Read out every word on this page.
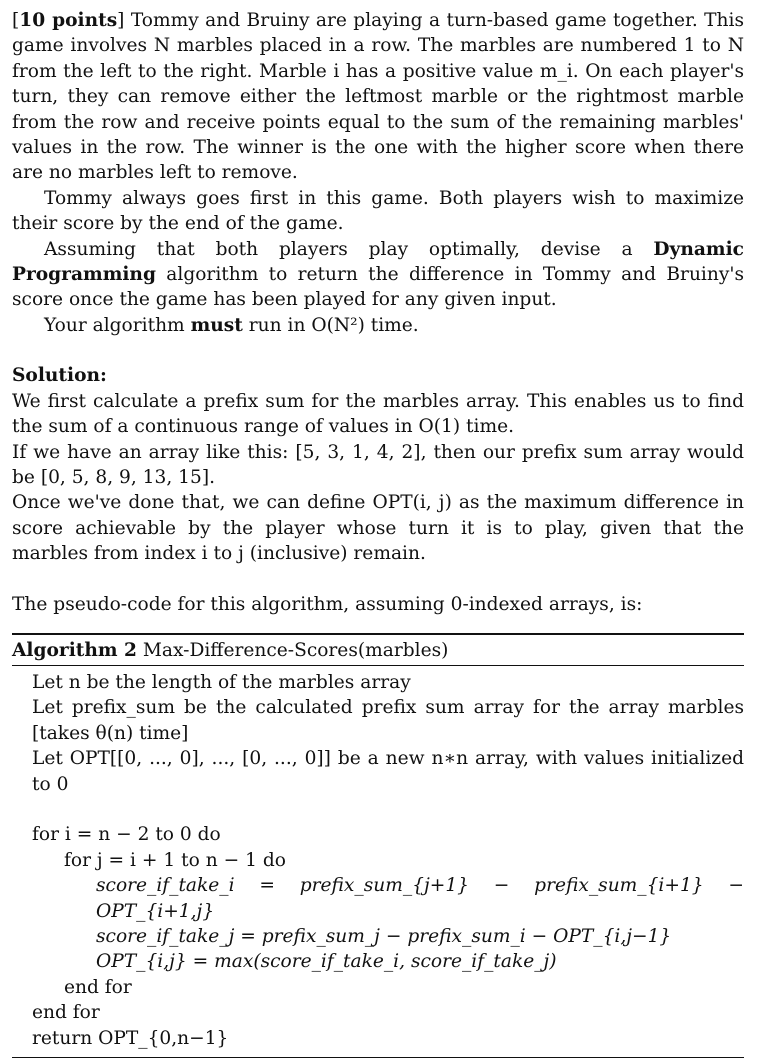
[10 points] Tommy and Bruiny are playing a turn-based game together. This game involves N marbles placed in a row. The marbles are numbered 1 to N from the left to the right. Marble i has a positive value m_i. On each player's turn, they can remove either the leftmost marble or the rightmost marble from the row and receive points equal to the sum of the remaining marbles' values in the row. The winner is the one with the higher score when there are no marbles left to remove.

Tommy always goes first in this game. Both players wish to maximize their score by the end of the game.

Assuming that both players play optimally, devise a Dynamic Programming algorithm to return the difference in Tommy and Bruiny's score once the game has been played for any given input.

Your algorithm must run in O(N²) time.

Solution:

We first calculate a prefix sum for the marbles array. This enables us to find the sum of a continuous range of values in O(1) time.

If we have an array like this: [5, 3, 1, 4, 2], then our prefix sum array would be [0, 5, 8, 9, 13, 15].

Once we've done that, we can define OPT(i, j) as the maximum difference in score achievable by the player whose turn it is to play, given that the marbles from index i to j (inclusive) remain.

The pseudo-code for this algorithm, assuming 0-indexed arrays, is:

Algorithm 2 Max-Difference-Scores(marbles)

Let n be the length of the marbles array

Let prefix_sum be the calculated prefix sum array for the array marbles [takes θ(n) time]

Let OPT[[0, ..., 0], ..., [0, ..., 0]] be a new n∗n array, with values initialized to 0

for i = n − 2 to 0 do

for j = i + 1 to n − 1 do

score_if_take_i = prefix_sum_{j+1} − prefix_sum_{i+1} − OPT_{i+1,j}

score_if_take_j = prefix_sum_j − prefix_sum_i − OPT_{i,j−1}

OPT_{i,j} = max(score_if_take_i, score_if_take_j)

end for

end for

return OPT_{0,n−1}
